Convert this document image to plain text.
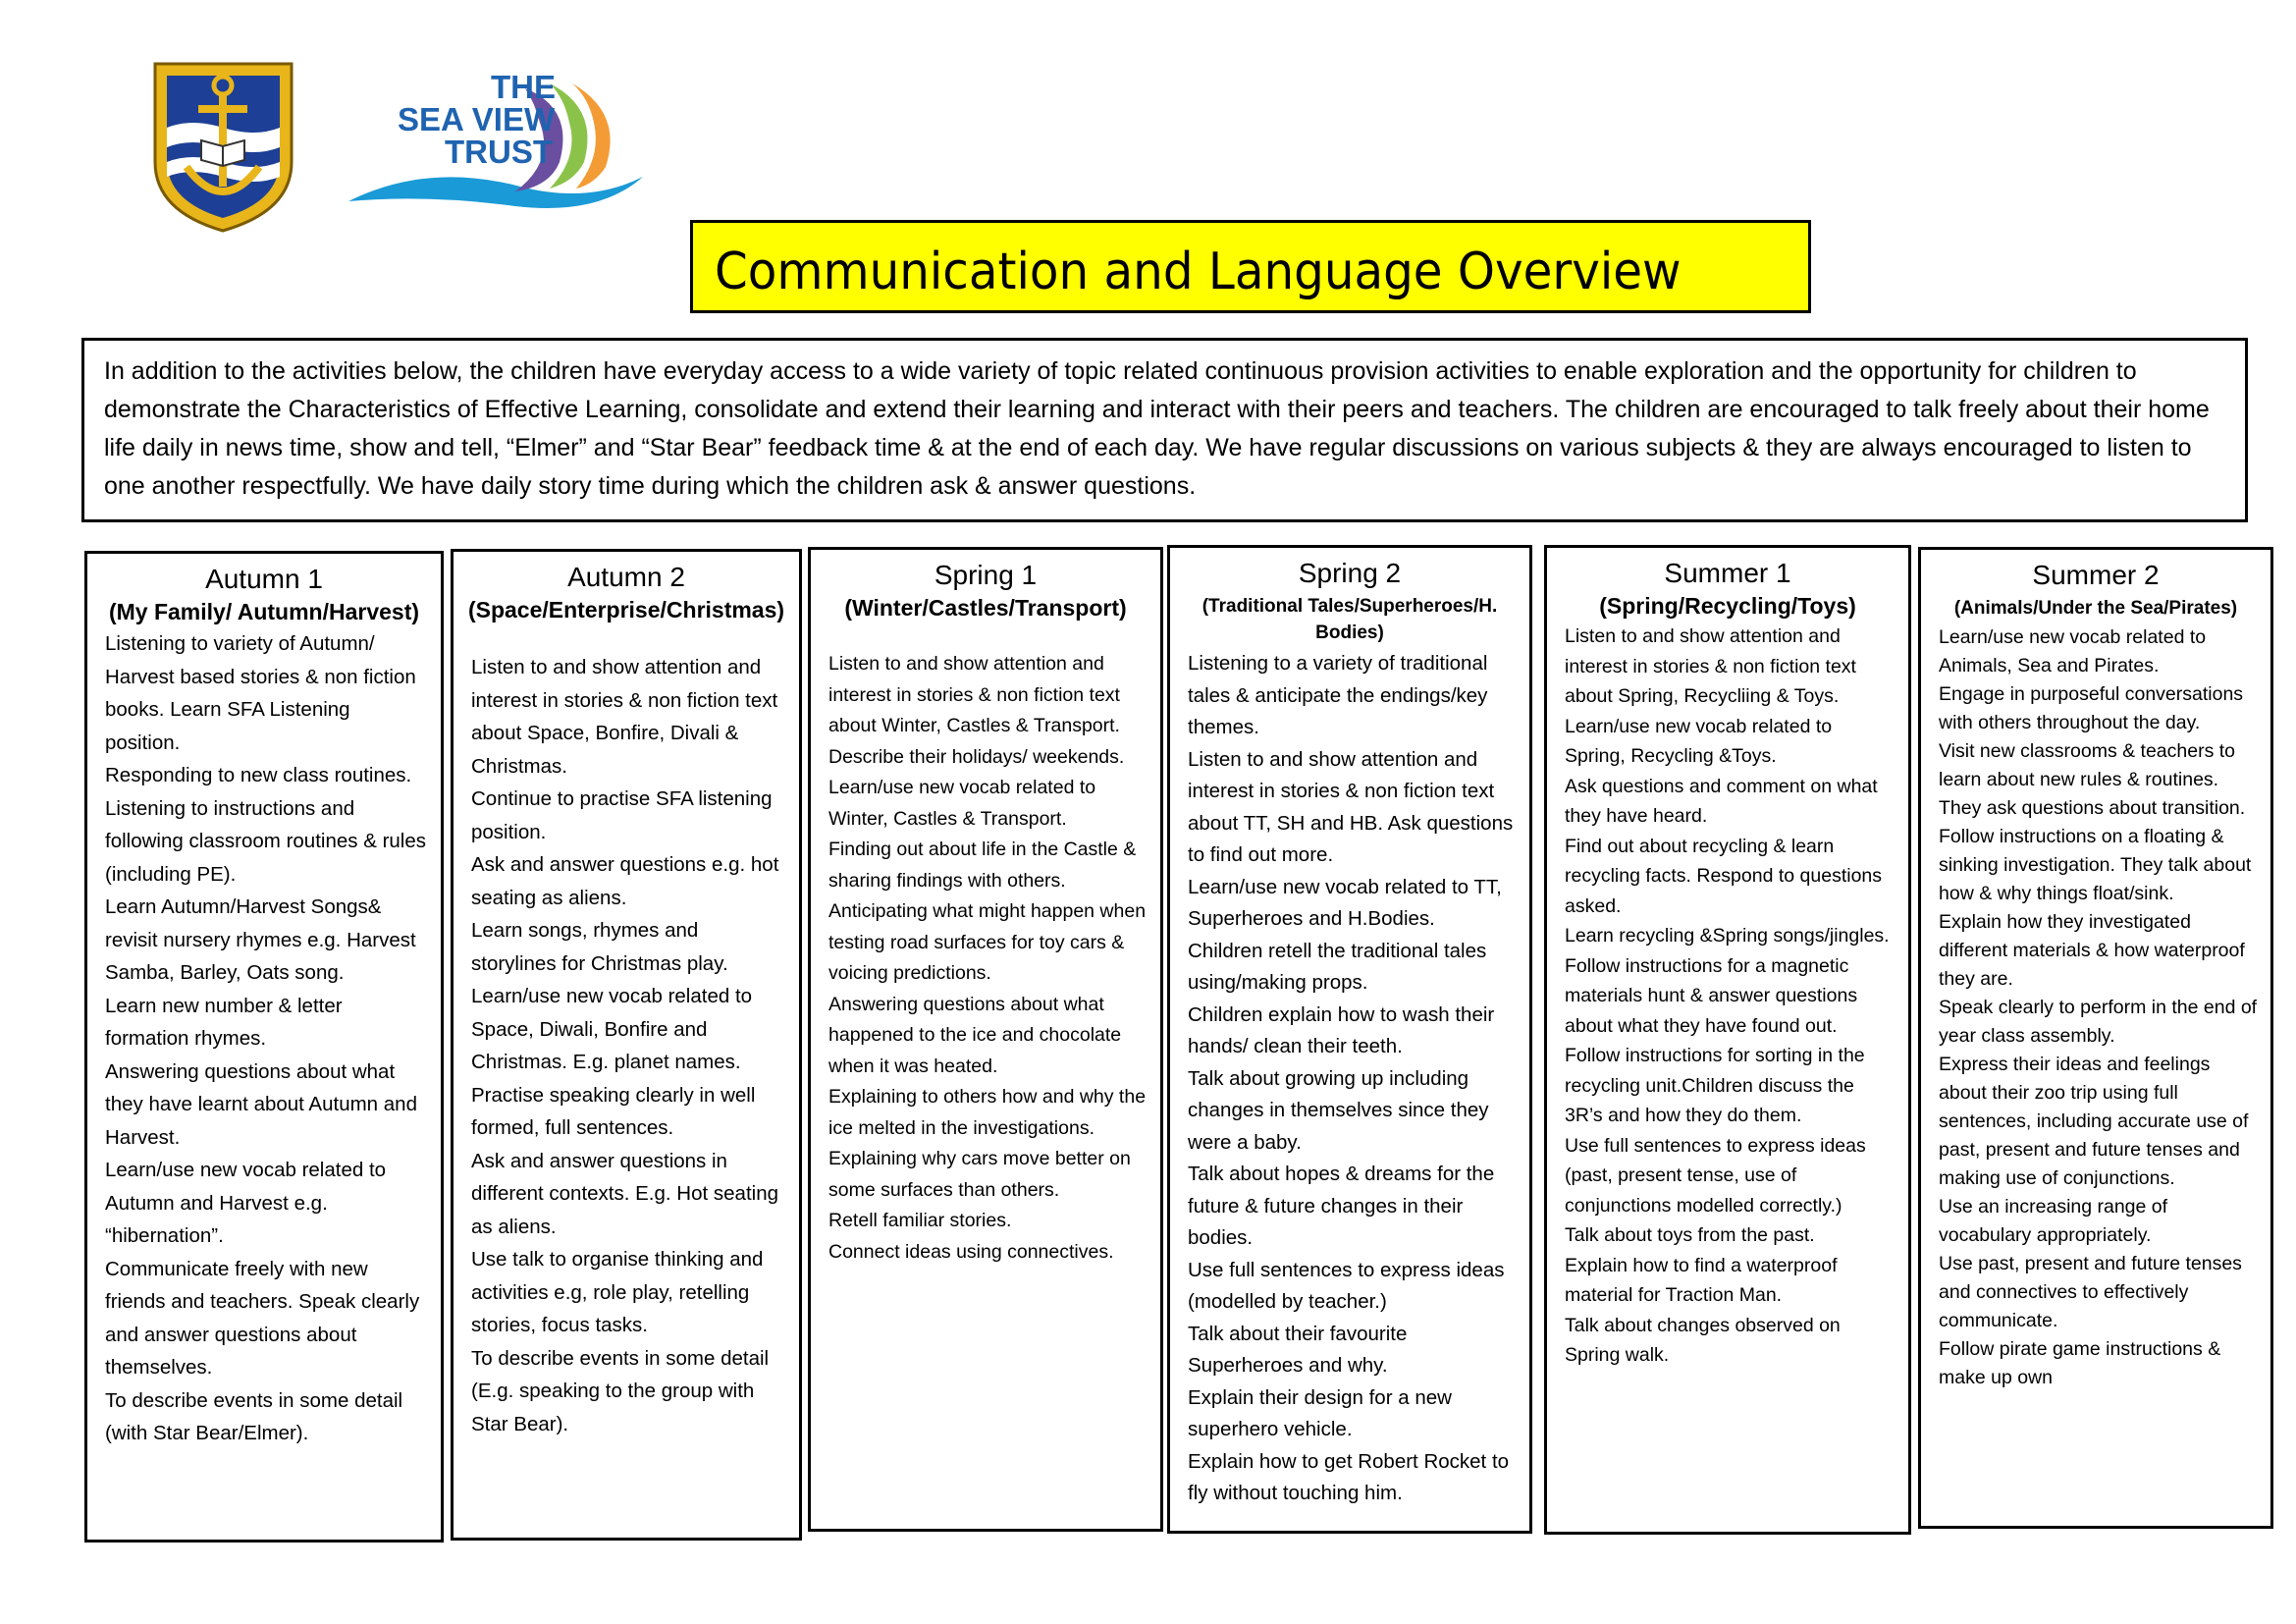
THE
SEA VIEW
TRUST
Communication and Language Overview

In addition to the activities below, the children have everyday access to a wide variety of topic related continuous provision activities to enable exploration and the opportunity for children to demonstrate the Characteristics of Effective Learning, consolidate and extend their learning and interact with their peers and teachers. The children are encouraged to talk freely about their home life daily in news time, show and tell, “Elmer” and “Star Bear” feedback time & at the end of each day. We have regular discussions on various subjects & they are always encouraged to listen to one another respectfully. We have daily story time during which the children ask & answer questions.

Autumn 1
(My Family/ Autumn/Harvest)
Listening to variety of Autumn/ Harvest based stories & non fiction books. Learn SFA Listening position.
Responding to new class routines. Listening to instructions and following classroom routines & rules (including PE).
Learn Autumn/Harvest Songs& revisit nursery rhymes e.g. Harvest Samba, Barley, Oats song.
Learn new number & letter formation rhymes.
Answering questions about what they have learnt about Autumn and Harvest.
Learn/use new vocab related to Autumn and Harvest e.g. “hibernation”.
Communicate freely with new friends and teachers. Speak clearly and answer questions about themselves.
To describe events in some detail (with Star Bear/Elmer).
Autumn 2
(Space/Enterprise/Christmas)
Listen to and show attention and interest in stories & non fiction text about Space, Bonfire, Divali & Christmas.
Continue to practise SFA listening position.
Ask and answer questions e.g. hot seating as aliens.
Learn songs, rhymes and storylines for Christmas play.
Learn/use new vocab related to Space, Diwali, Bonfire and Christmas. E.g. planet names.
Practise speaking clearly in well formed, full sentences.
Ask and answer questions in different contexts. E.g. Hot seating as aliens.
Use talk to organise thinking and activities e.g, role play, retelling stories, focus tasks.
To describe events in some detail (E.g. speaking to the group with Star Bear).
Spring 1
(Winter/Castles/Transport)
Listen to and show attention and interest in stories & non fiction text about Winter, Castles & Transport.
Describe their holidays/ weekends.
Learn/use new vocab related to Winter, Castles & Transport.
Finding out about life in the Castle & sharing findings with others.
Anticipating what might happen when testing road surfaces for toy cars & voicing predictions.
Answering questions about what happened to the ice and chocolate when it was heated.
Explaining to others how and why the ice melted in the investigations.
Explaining why cars move better on some surfaces than others.
Retell familiar stories.
Connect ideas using connectives.
Spring 2
(Traditional Tales/Superheroes/H. Bodies)
Listening to a variety of traditional tales & anticipate the endings/key themes.
Listen to and show attention and interest in stories & non fiction text about TT, SH and HB. Ask questions to find out more.
Learn/use new vocab related to TT, Superheroes and H.Bodies.
Children retell the traditional tales using/making props.
Children explain how to wash their hands/ clean their teeth.
Talk about growing up including changes in themselves since they were a baby.
Talk about hopes & dreams for the future & future changes in their bodies.
Use full sentences to express ideas (modelled by teacher.)
Talk about their favourite Superheroes and why.
Explain their design for a new superhero vehicle.
Explain how to get Robert Rocket to fly without touching him.
Summer 1
(Spring/Recycling/Toys)
Listen to and show attention and interest in stories & non fiction text about Spring, Recycliing & Toys.
Learn/use new vocab related to Spring, Recycling &Toys.
Ask questions and comment on what they have heard.
Find out about recycling & learn recycling facts. Respond to questions asked.
Learn recycling &Spring songs/jingles.
Follow instructions for a magnetic materials hunt & answer questions about what they have found out. Follow instructions for sorting in the recycling unit.Children discuss the 3R’s and how they do them.
Use full sentences to express ideas (past, present tense, use of conjunctions modelled correctly.)
Talk about toys from the past.
Explain how to find a waterproof material for Traction Man.
Talk about changes observed on Spring walk.
Summer 2
(Animals/Under the Sea/Pirates)
Learn/use new vocab related to Animals, Sea and Pirates.
Engage in purposeful conversations with others throughout the day.
Visit new classrooms & teachers to learn about new rules & routines. They ask questions about transition.
Follow instructions on a floating & sinking investigation. They talk about how & why things float/sink.
Explain how they investigated different materials & how waterproof they are.
Speak clearly to perform in the end of year class assembly.
Express their ideas and feelings about their zoo trip using full sentences, including accurate use of past, present and future tenses and making use of conjunctions.
Use an increasing range of vocabulary appropriately.
Use past, present and future tenses and connectives to effectively communicate.
Follow pirate game instructions & make up own
